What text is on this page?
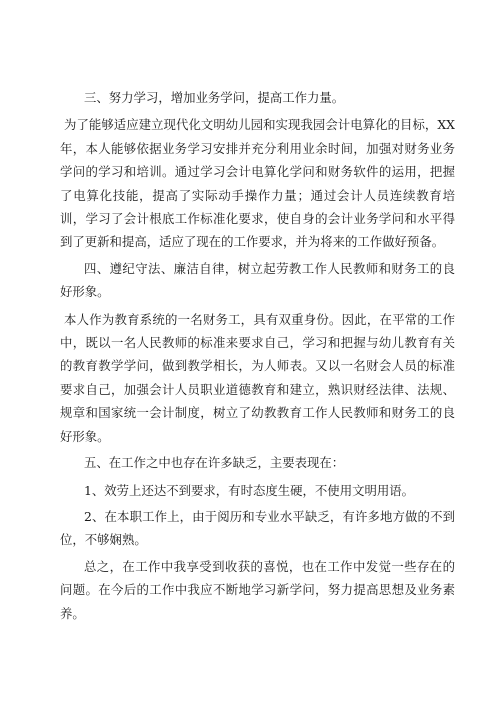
三、努力学习，增加业务学问，提高工作力量。

为了能够适应建立现代化文明幼儿园和实现我园会计电算化的目标，XX年，本人能够依据业务学习安排并充分利用业余时间，加强对财务业务学问的学习和培训。通过学习会计电算化学问和财务软件的运用，把握了电算化技能，提高了实际动手操作力量；通过会计人员连续教育培训，学习了会计根底工作标准化要求，使自身的会计业务学问和水平得到了更新和提高，适应了现在的工作要求，并为将来的工作做好预备。

四、遵纪守法、廉洁自律，树立起劳教工作人民教师和财务工的良好形象。

本人作为教育系统的一名财务工，具有双重身份。因此，在平常的工作中，既以一名人民教师的标准来要求自己，学习和把握与幼儿教育有关的教育教学学问，做到教学相长，为人师表。又以一名财会人员的标准要求自己，加强会计人员职业道德教育和建立，熟识财经法律、法规、规章和国家统一会计制度，树立了幼教教育工作人民教师和财务工的良好形象。

五、在工作之中也存在许多缺乏，主要表现在：

1、效劳上还达不到要求，有时态度生硬，不使用文明用语。

2、在本职工作上，由于阅历和专业水平缺乏，有许多地方做的不到位，不够娴熟。

总之，在工作中我享受到收获的喜悦，也在工作中发觉一些存在的问题。在今后的工作中我应不断地学习新学问，努力提高思想及业务素养。
